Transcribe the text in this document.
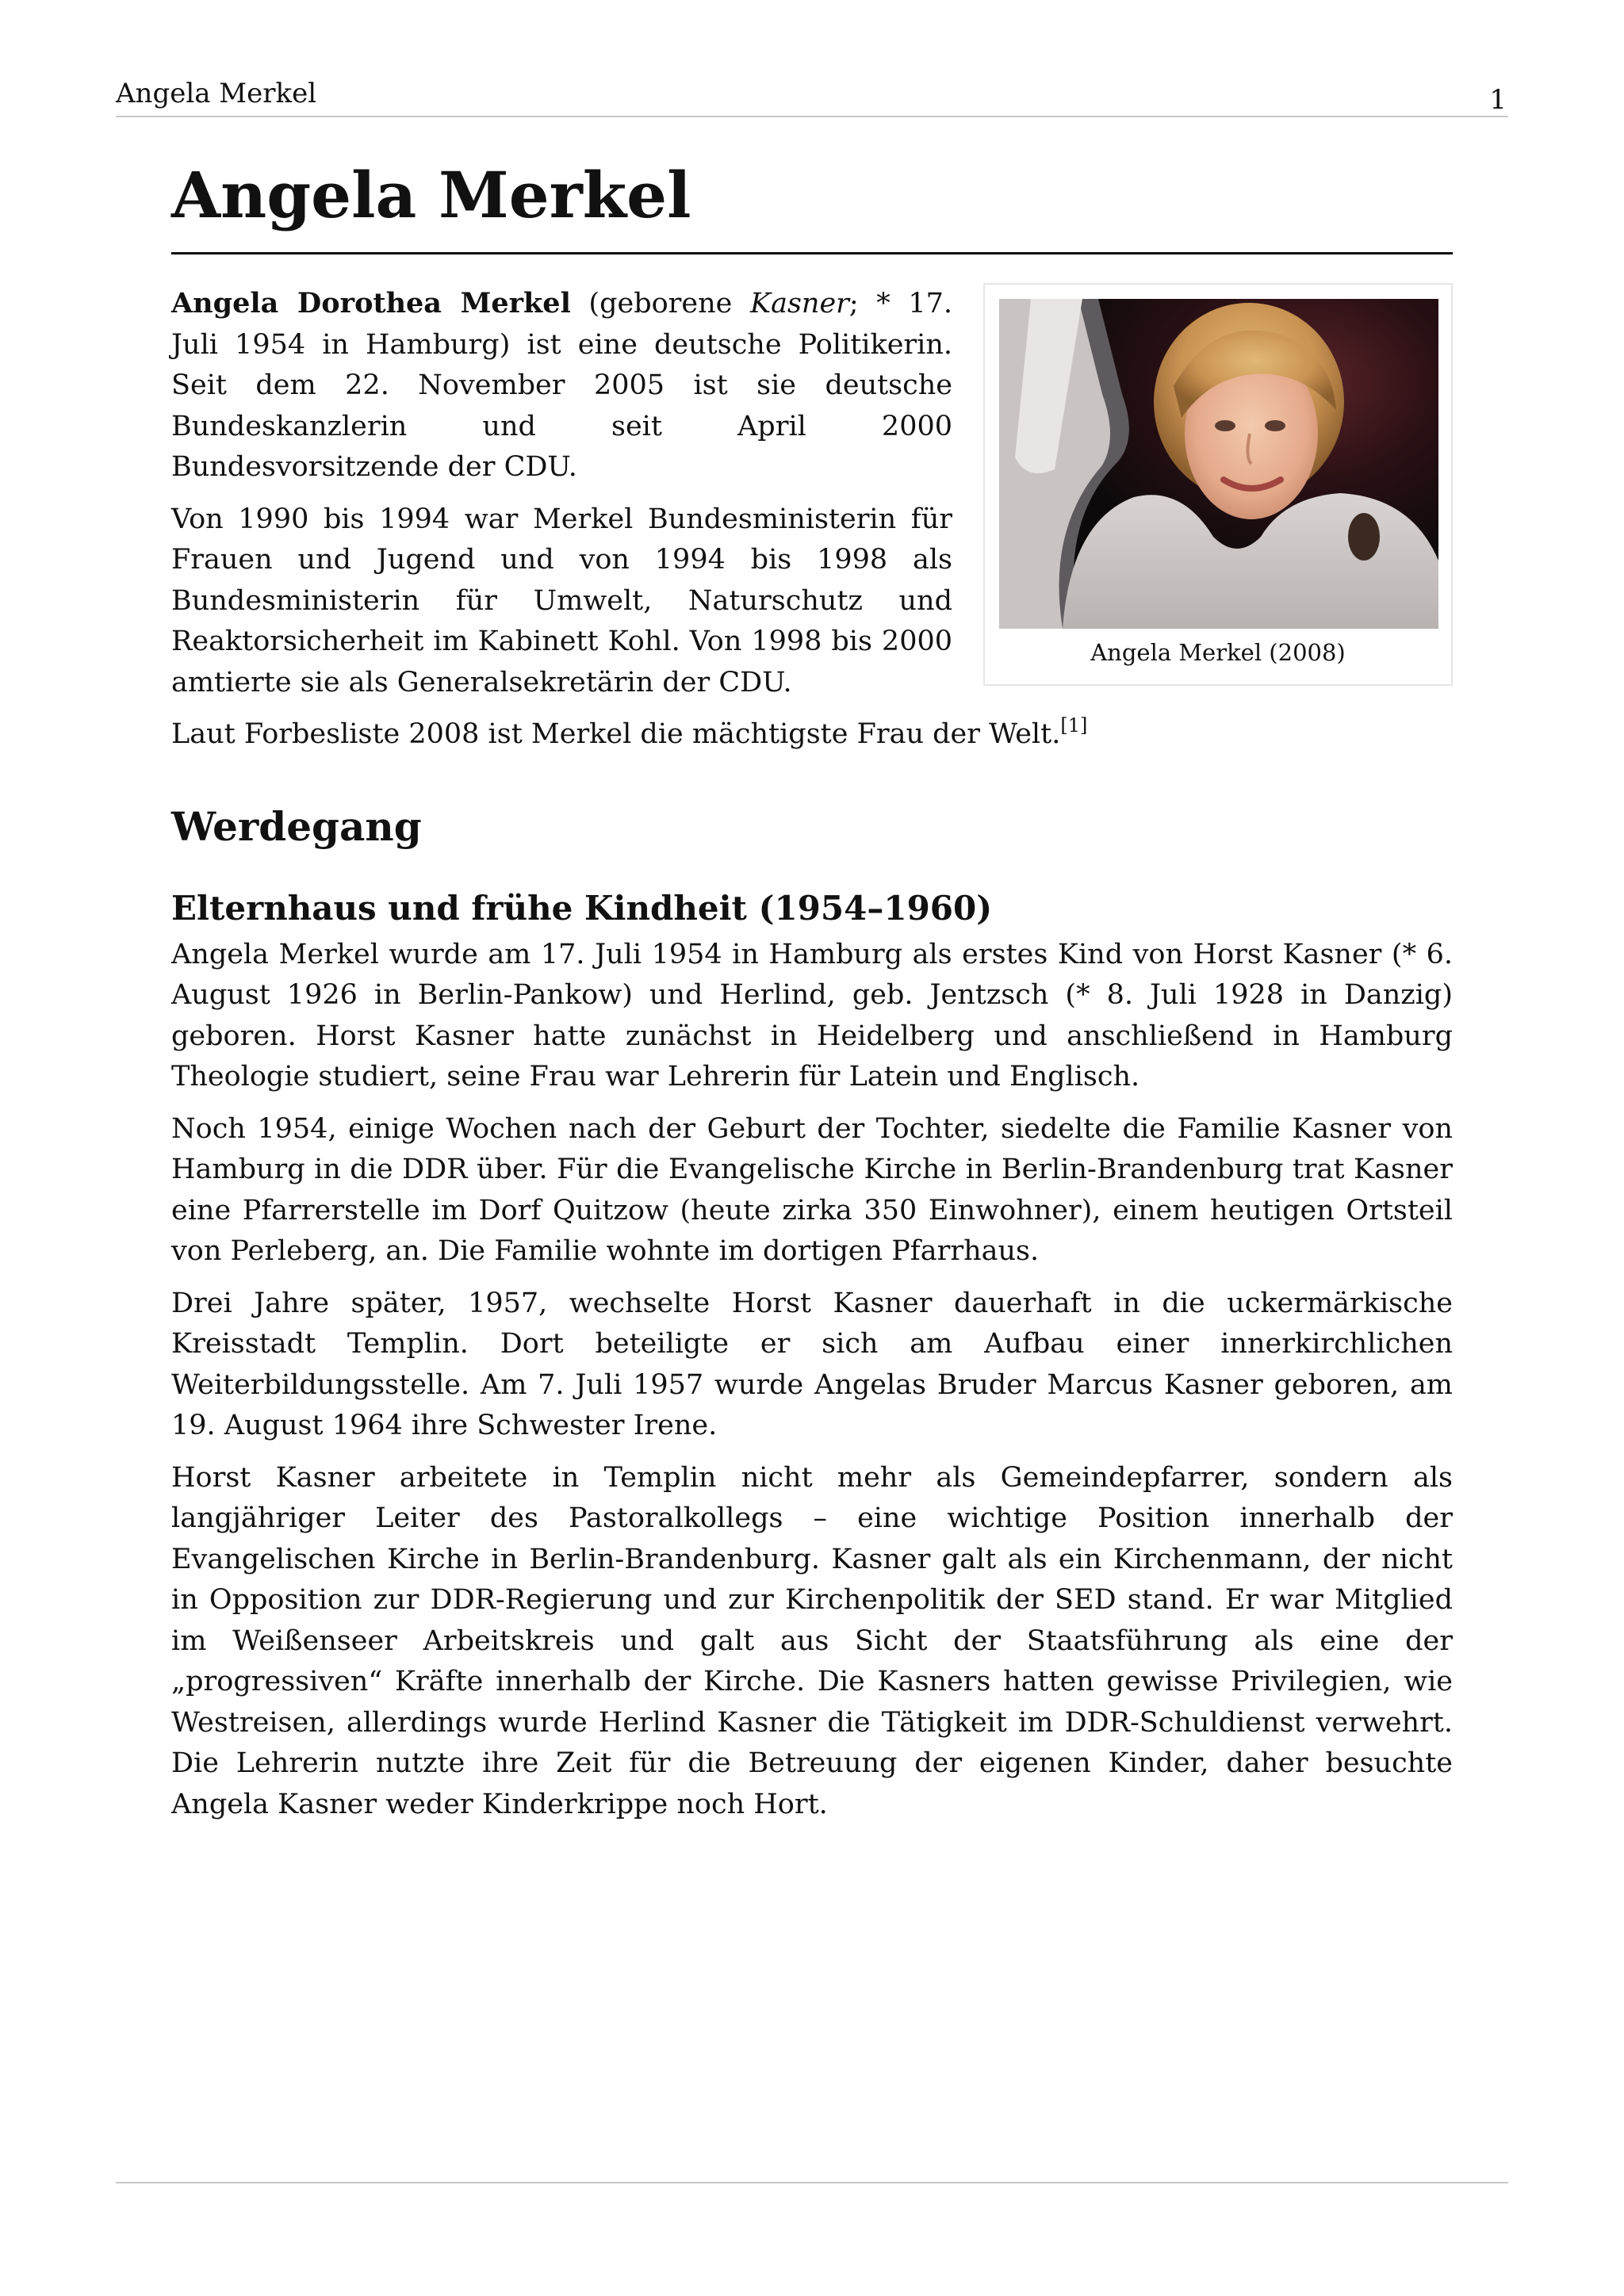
Angela Merkel	1
Angela Merkel
Angela Merkel (2008)

Angela Dorothea Merkel (geborene Kasner; * 17. Juli 1954 in Hamburg) ist eine deutsche Politikerin. Seit dem 22. November 2005 ist sie deutsche Bundeskanzlerin und seit April 2000 Bundesvorsitzende der CDU.

Von 1990 bis 1994 war Merkel Bundesministerin für Frauen und Jugend und von 1994 bis 1998 als Bundesministerin für Umwelt, Naturschutz und Reaktorsicherheit im Kabinett Kohl. Von 1998 bis 2000 amtierte sie als Generalsekretärin der CDU.

Laut Forbesliste 2008 ist Merkel die mächtigste Frau der Welt.[1]

Werdegang
Elternhaus und frühe Kindheit (1954–1960)

Angela Merkel wurde am 17. Juli 1954 in Hamburg als erstes Kind von Horst Kasner (* 6. August 1926 in Berlin-Pankow) und Herlind, geb. Jentzsch (* 8. Juli 1928 in Danzig) geboren. Horst Kasner hatte zunächst in Heidelberg und anschließend in Hamburg Theologie studiert, seine Frau war Lehrerin für Latein und Englisch.

Noch 1954, einige Wochen nach der Geburt der Tochter, siedelte die Familie Kasner von Hamburg in die DDR über. Für die Evangelische Kirche in Berlin-Brandenburg trat Kasner eine Pfarrerstelle im Dorf Quitzow (heute zirka 350 Einwohner), einem heutigen Ortsteil von Perleberg, an. Die Familie wohnte im dortigen Pfarrhaus.

Drei Jahre später, 1957, wechselte Horst Kasner dauerhaft in die uckermärkische Kreisstadt Templin. Dort beteiligte er sich am Aufbau einer innerkirchlichen Weiterbildungsstelle. Am 7. Juli 1957 wurde Angelas Bruder Marcus Kasner geboren, am 19. August 1964 ihre Schwester Irene.

Horst Kasner arbeitete in Templin nicht mehr als Gemeindepfarrer, sondern als langjähriger Leiter des Pastoralkollegs – eine wichtige Position innerhalb der Evangelischen Kirche in Berlin-Brandenburg. Kasner galt als ein Kirchenmann, der nicht in Opposition zur DDR-Regierung und zur Kirchenpolitik der SED stand. Er war Mitglied im Weißenseer Arbeitskreis und galt aus Sicht der Staatsführung als eine der „progressiven“ Kräfte innerhalb der Kirche. Die Kasners hatten gewisse Privilegien, wie Westreisen, allerdings wurde Herlind Kasner die Tätigkeit im DDR-Schuldienst verwehrt. Die Lehrerin nutzte ihre Zeit für die Betreuung der eigenen Kinder, daher besuchte Angela Kasner weder Kinderkrippe noch Hort.
